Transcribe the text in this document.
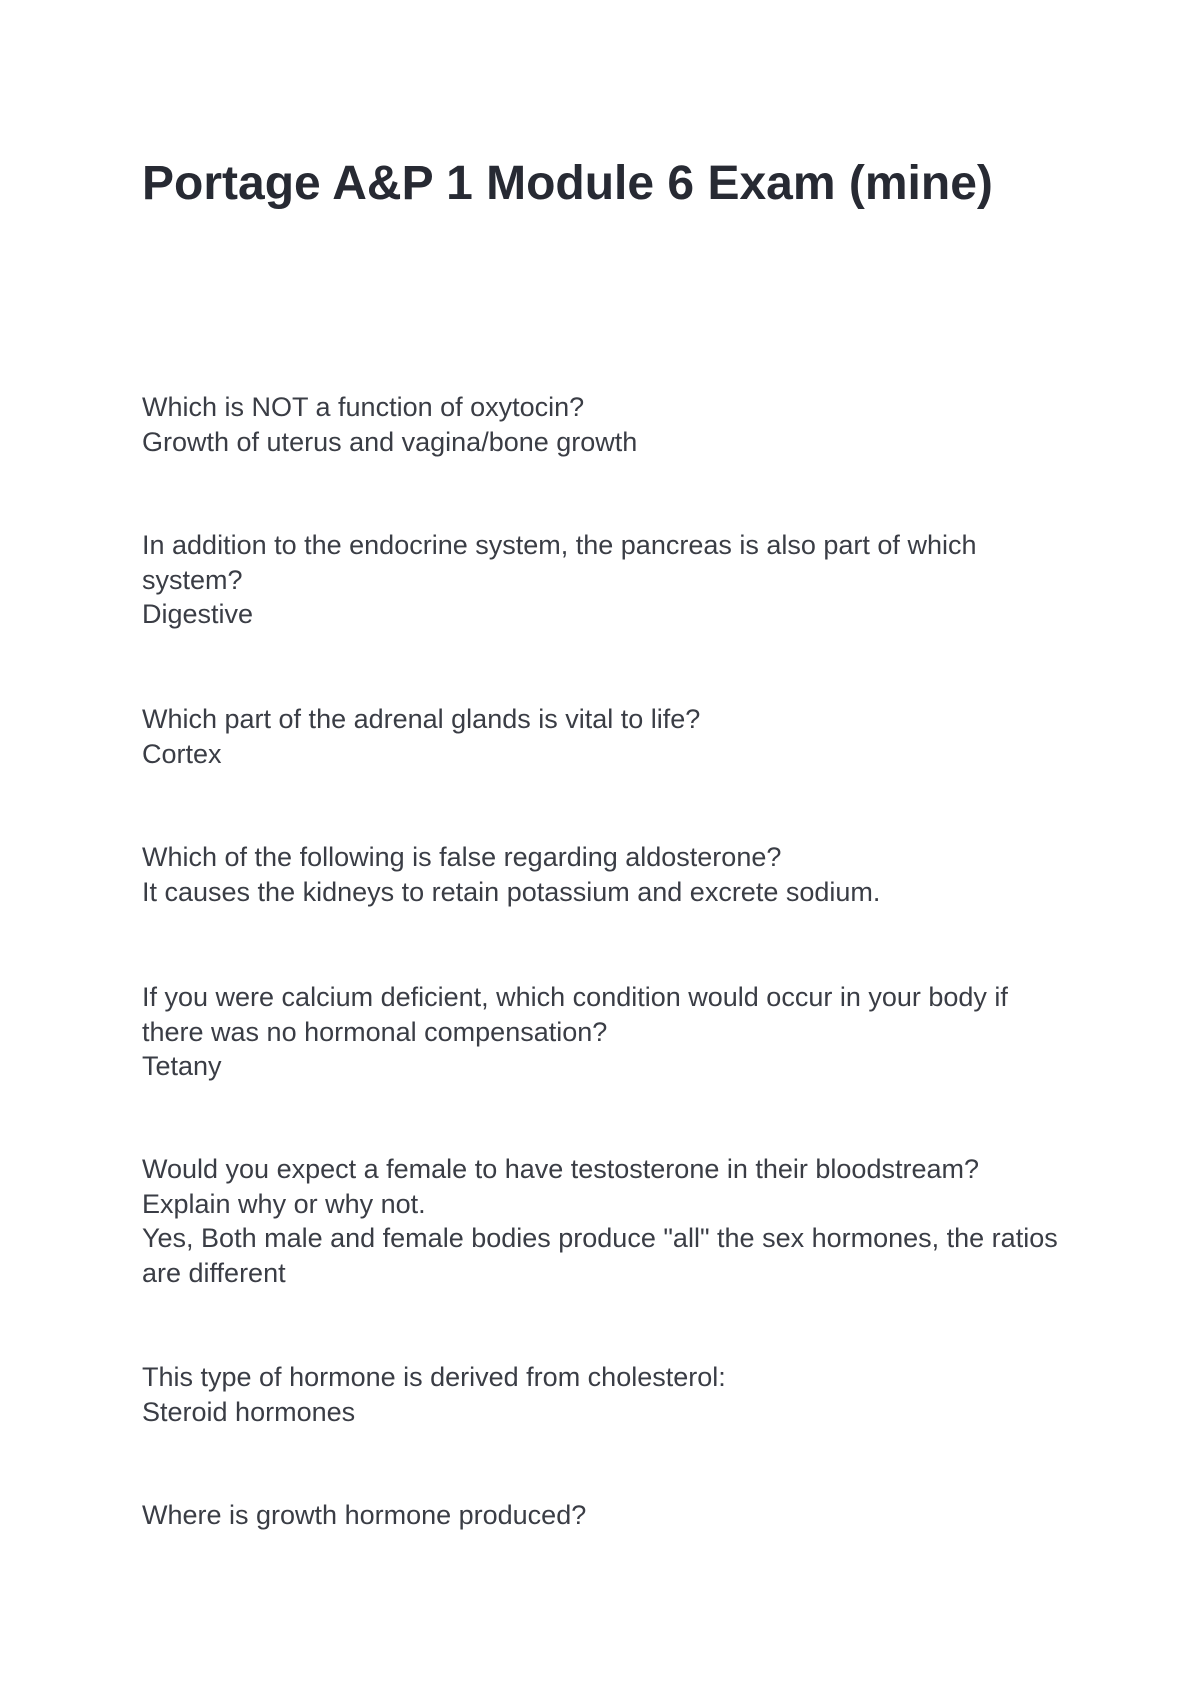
Portage A&P 1 Module 6 Exam (mine)
Which is NOT a function of oxytocin?
Growth of uterus and vagina/bone growth
In addition to the endocrine system, the pancreas is also part of which system?
Digestive
Which part of the adrenal glands is vital to life?
Cortex
Which of the following is false regarding aldosterone?
It causes the kidneys to retain potassium and excrete sodium.
If you were calcium deficient, which condition would occur in your body if there was no hormonal compensation?
Tetany
Would you expect a female to have testosterone in their bloodstream? Explain why or why not.
Yes, Both male and female bodies produce "all" the sex hormones, the ratios are different
This type of hormone is derived from cholesterol:
Steroid hormones
Where is growth hormone produced?
